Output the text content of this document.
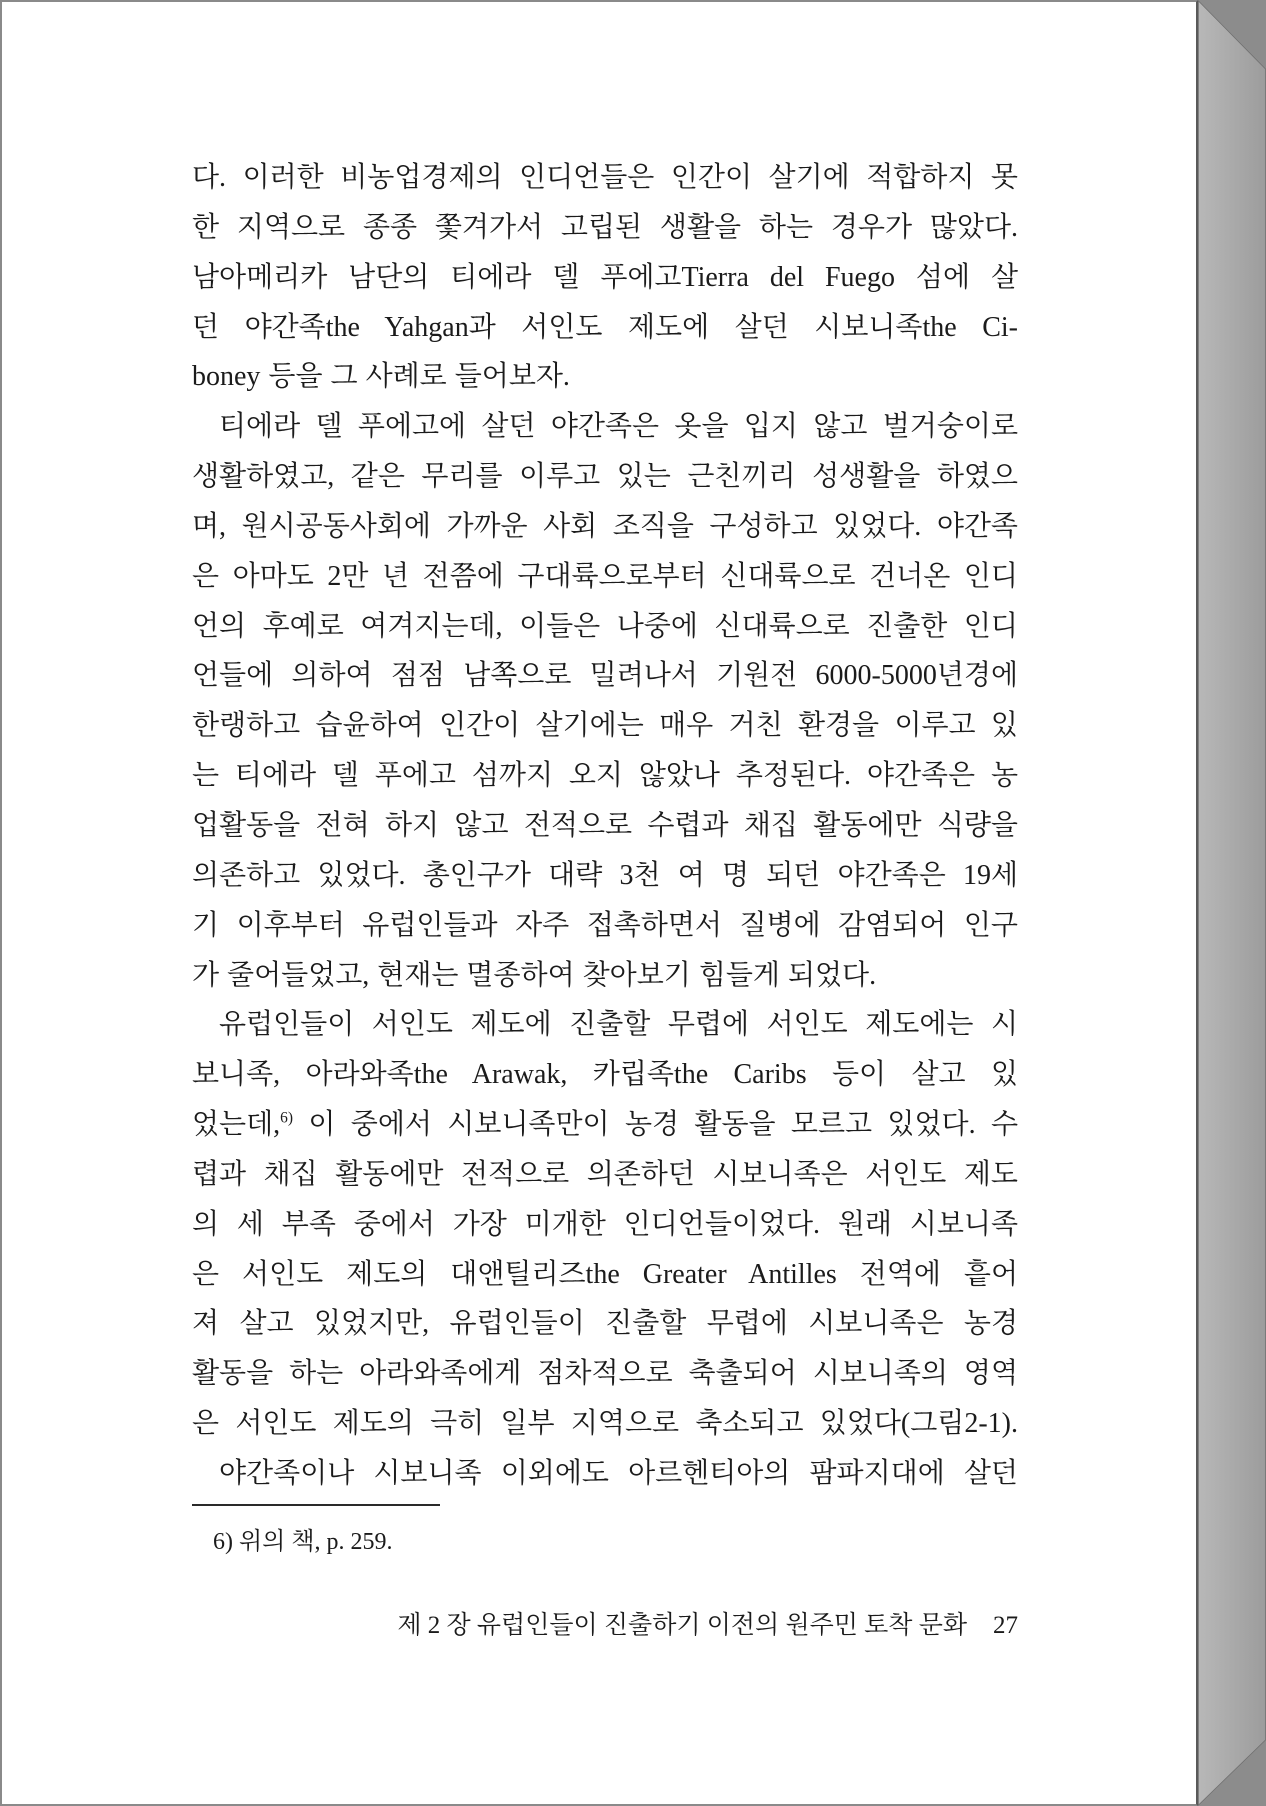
다. 이러한 비농업경제의 인디언들은 인간이 살기에 적합하지 못
한 지역으로 종종 쫓겨가서 고립된 생활을 하는 경우가 많았다.
남아메리카 남단의 티에라 델 푸에고Tierra del Fuego 섬에 살
던 야간족the Yahgan과 서인도 제도에 살던 시보니족the Ci-
boney 등을 그 사례로 들어보자.
티에라 델 푸에고에 살던 야간족은 옷을 입지 않고 벌거숭이로
생활하였고, 같은 무리를 이루고 있는 근친끼리 성생활을 하였으
며, 원시공동사회에 가까운 사회 조직을 구성하고 있었다. 야간족
은 아마도 2만 년 전쯤에 구대륙으로부터 신대륙으로 건너온 인디
언의 후예로 여겨지는데, 이들은 나중에 신대륙으로 진출한 인디
언들에 의하여 점점 남쪽으로 밀려나서 기원전 6000-5000년경에
한랭하고 습윤하여 인간이 살기에는 매우 거친 환경을 이루고 있
는 티에라 델 푸에고 섬까지 오지 않았나 추정된다. 야간족은 농
업활동을 전혀 하지 않고 전적으로 수렵과 채집 활동에만 식량을
의존하고 있었다. 총인구가 대략 3천 여 명 되던 야간족은 19세
기 이후부터 유럽인들과 자주 접촉하면서 질병에 감염되어 인구
가 줄어들었고, 현재는 멸종하여 찾아보기 힘들게 되었다.
유럽인들이 서인도 제도에 진출할 무렵에 서인도 제도에는 시
보니족, 아라와족the Arawak, 카립족the Caribs 등이 살고 있
었는데,$^{6)}$ 이 중에서 시보니족만이 농경 활동을 모르고 있었다. 수
렵과 채집 활동에만 전적으로 의존하던 시보니족은 서인도 제도
의 세 부족 중에서 가장 미개한 인디언들이었다. 원래 시보니족
은 서인도 제도의 대앤틸리즈the Greater Antilles 전역에 흩어
져 살고 있었지만, 유럽인들이 진출할 무렵에 시보니족은 농경
활동을 하는 아라와족에게 점차적으로 축출되어 시보니족의 영역
은 서인도 제도의 극히 일부 지역으로 축소되고 있었다(그림2-1).
야간족이나 시보니족 이외에도 아르헨티아의 팜파지대에 살던
6) 위의 책, p. 259.
제 2 장 유럽인들이 진출하기 이전의 원주민 토착 문화 27
